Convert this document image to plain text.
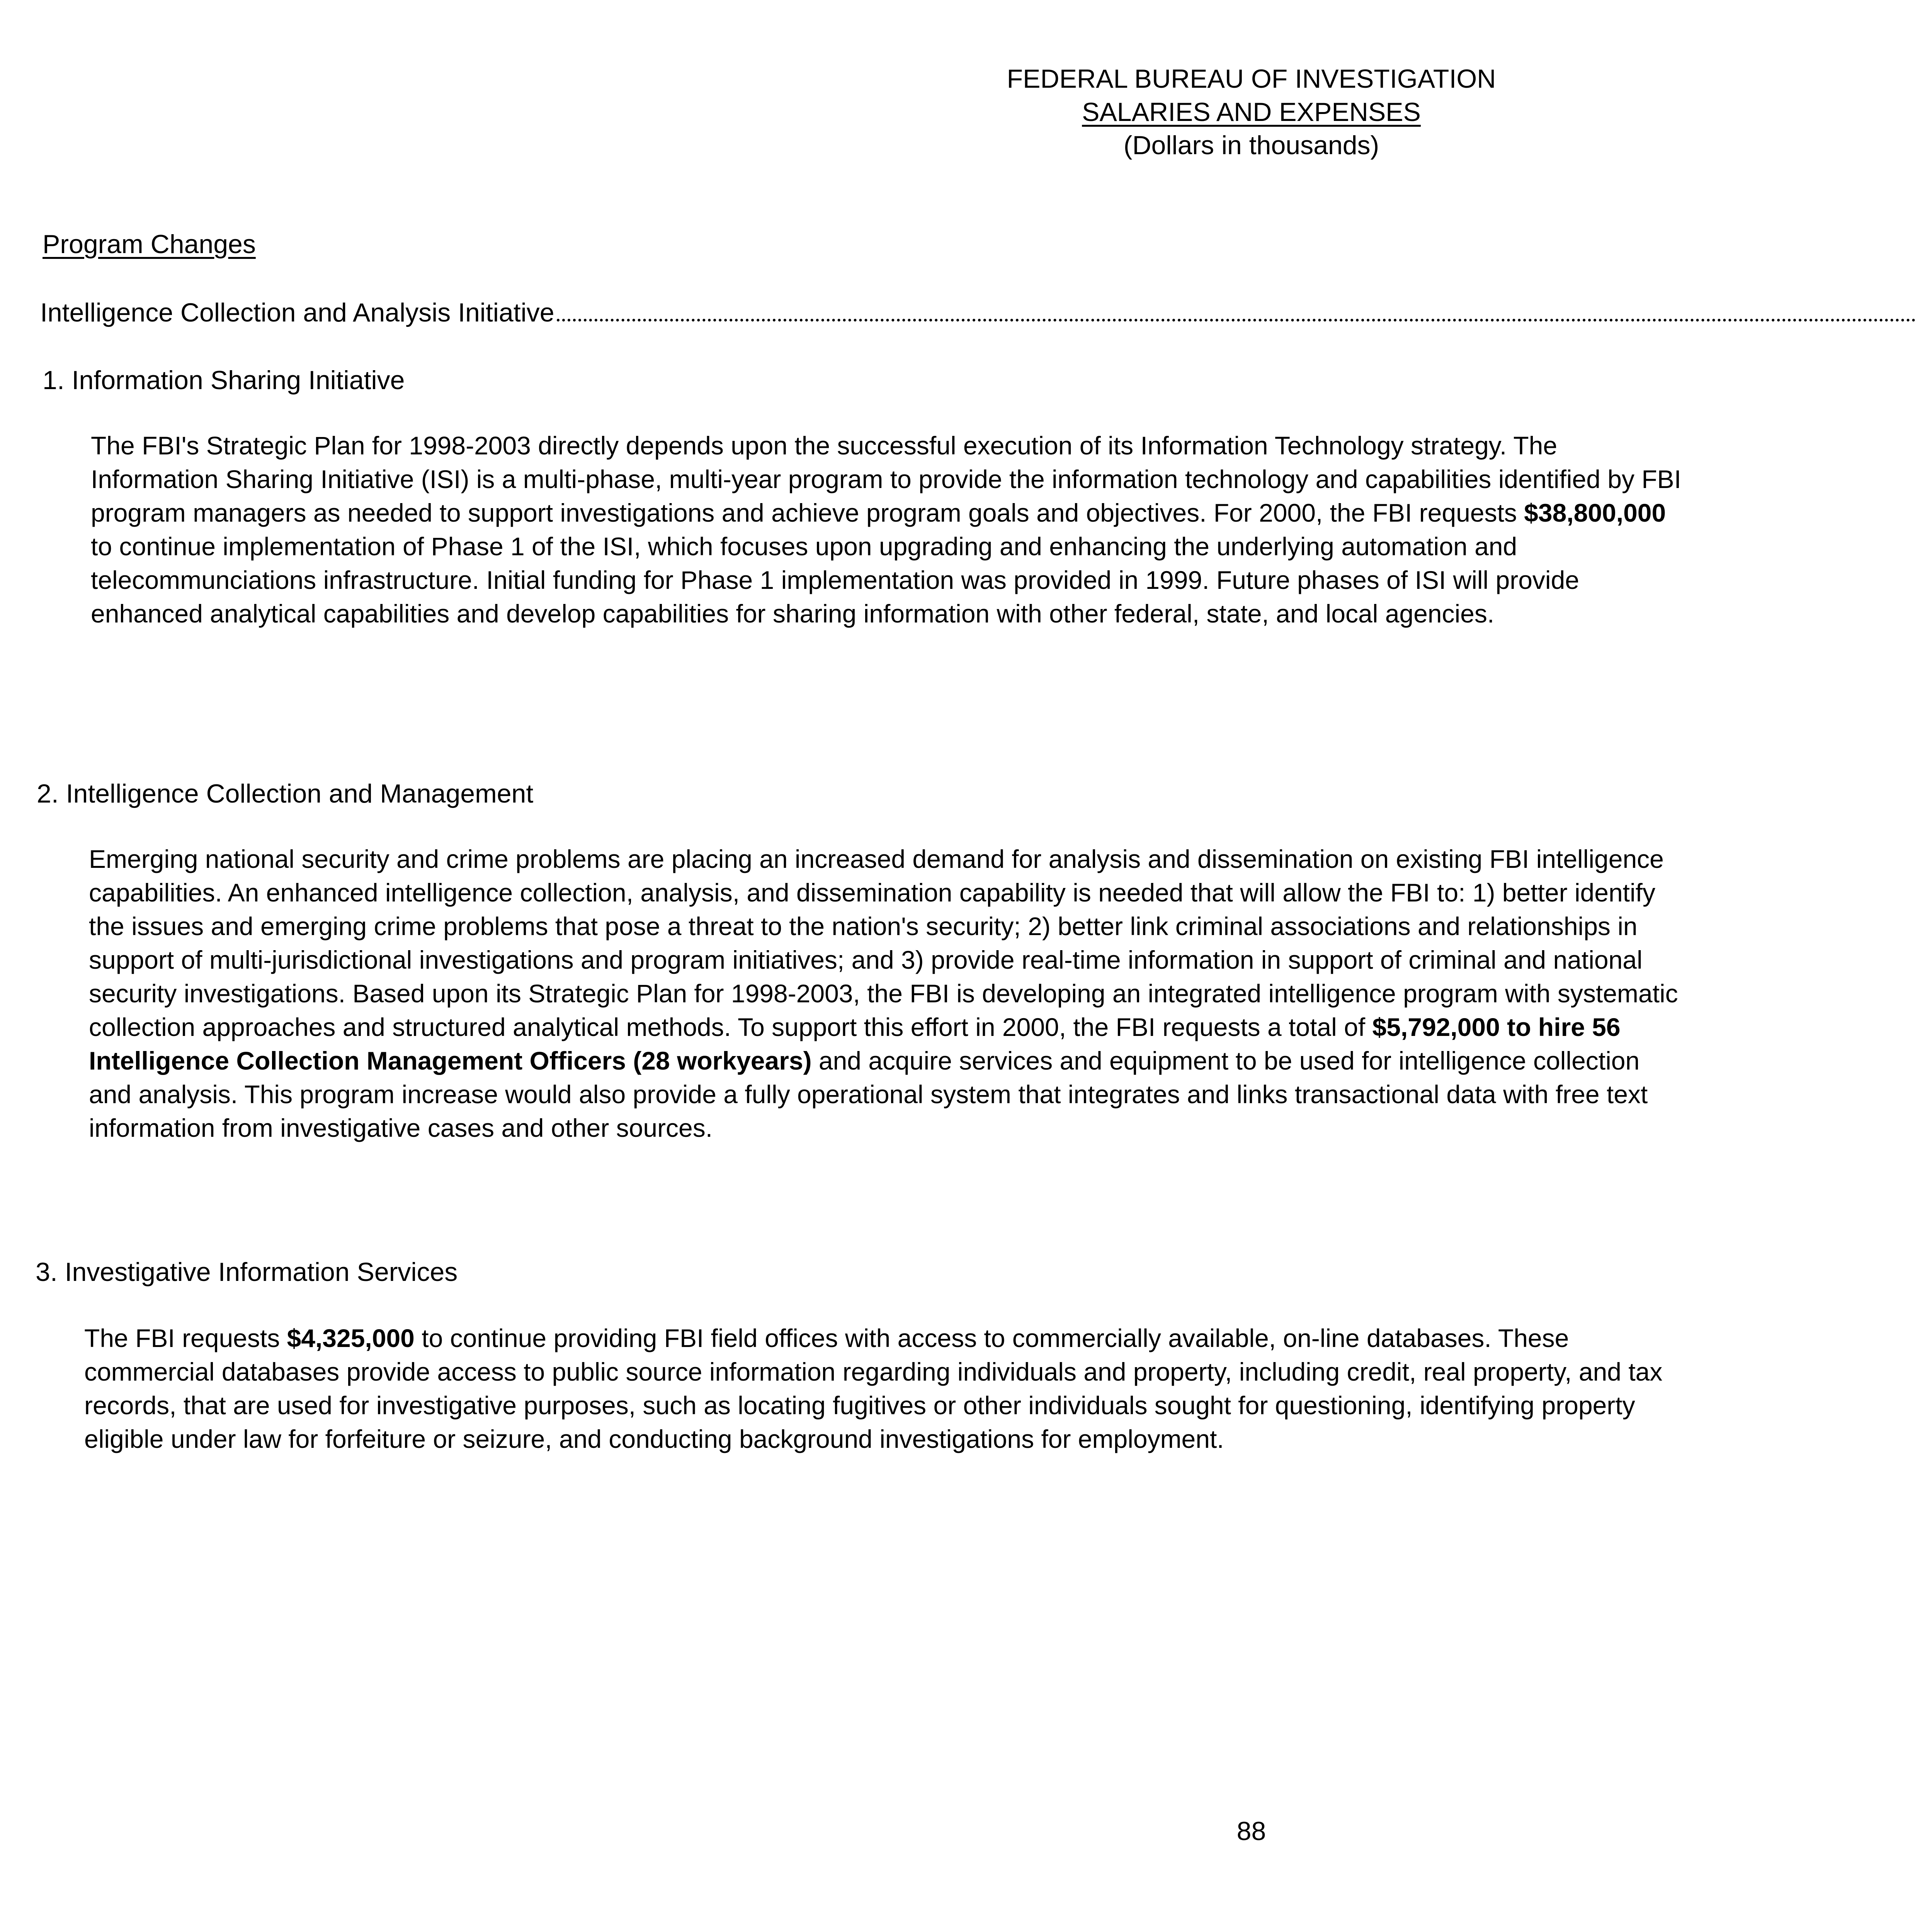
FEDERAL BUREAU OF INVESTIGATION
SALARIES AND EXPENSES
(Dollars in thousands)
Program Changes
Intelligence Collection and Analysis Initiative
1. Information Sharing Initiative
The FBI's Strategic Plan for 1998-2003 directly depends upon the successful execution of its Information Technology strategy. The Information Sharing Initiative (ISI) is a multi-phase, multi-year program to provide the information technology and capabilities identified by FBI program managers as needed to support investigations and achieve program goals and objectives. For 2000, the FBI requests $38,800,000 to continue implementation of Phase 1 of the ISI, which focuses upon upgrading and enhancing the underlying automation and telecommunciations infrastructure. Initial funding for Phase 1 implementation was provided in 1999. Future phases of ISI will provide enhanced analytical capabilities and develop capabilities for sharing information with other federal, state, and local agencies.
2. Intelligence Collection and Management
Emerging national security and crime problems are placing an increased demand for analysis and dissemination on existing FBI intelligence capabilities. An enhanced intelligence collection, analysis, and dissemination capability is needed that will allow the FBI to: 1) better identify the issues and emerging crime problems that pose a threat to the nation's security; 2) better link criminal associations and relationships in support of multi-jurisdictional investigations and program initiatives; and 3) provide real-time information in support of criminal and national security investigations. Based upon its Strategic Plan for 1998-2003, the FBI is developing an integrated intelligence program with systematic collection approaches and structured analytical methods. To support this effort in 2000, the FBI requests a total of $5,792,000 to hire 56 Intelligence Collection Management Officers (28 workyears) and acquire services and equipment to be used for intelligence collection and analysis. This program increase would also provide a fully operational system that integrates and links transactional data with free text information from investigative cases and other sources.
3. Investigative Information Services
The FBI requests $4,325,000 to continue providing FBI field offices with access to commercially available, on-line databases. These commercial databases provide access to public source information regarding individuals and property, including credit, real property, and tax records, that are used for investigative purposes, such as locating fugitives or other individuals sought for questioning, identifying property eligible under law for forfeiture or seizure, and conducting background investigations for employment.
88
